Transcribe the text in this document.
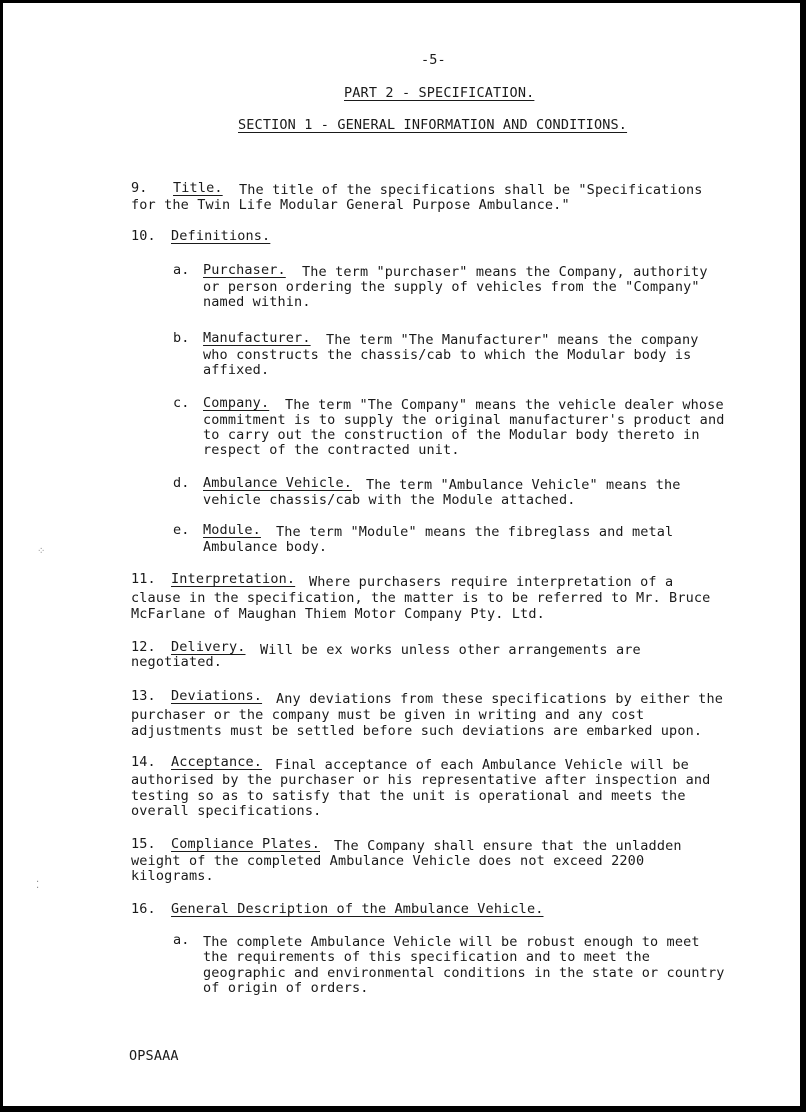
-5-
PART 2 - SPECIFICATION.
SECTION 1 - GENERAL INFORMATION AND CONDITIONS.
9. Title. The title of the specifications shall be "Specifications
for the Twin Life Modular General Purpose Ambulance."
10. Definitions.
a. Purchaser. The term "purchaser" means the Company, authority
or person ordering the supply of vehicles from the "Company"
named within.
b. Manufacturer. The term "The Manufacturer" means the company
who constructs the chassis/cab to which the Modular body is
affixed.
c. Company. The term "The Company" means the vehicle dealer whose
commitment is to supply the original manufacturer's product and
to carry out the construction of the Modular body thereto in
respect of the contracted unit.
d. Ambulance Vehicle. The term "Ambulance Vehicle" means the
vehicle chassis/cab with the Module attached.
e. Module. The term "Module" means the fibreglass and metal
Ambulance body.
11. Interpretation. Where purchasers require interpretation of a
clause in the specification, the matter is to be referred to Mr. Bruce
McFarlane of Maughan Thiem Motor Company Pty. Ltd.
12. Delivery. Will be ex works unless other arrangements are
negotiated.
13. Deviations. Any deviations from these specifications by either the
purchaser or the company must be given in writing and any cost
adjustments must be settled before such deviations are embarked upon.
14. Acceptance. Final acceptance of each Ambulance Vehicle will be
authorised by the purchaser or his representative after inspection and
testing so as to satisfy that the unit is operational and meets the
overall specifications.
15. Compliance Plates. The Company shall ensure that the unladden
weight of the completed Ambulance Vehicle does not exceed 2200
kilograms.
16. General Description of the Ambulance Vehicle.
a. The complete Ambulance Vehicle will be robust enough to meet
the requirements of this specification and to meet the
geographic and environmental conditions in the state or country
of origin of orders.
OPSAAA
⁘
⁚
